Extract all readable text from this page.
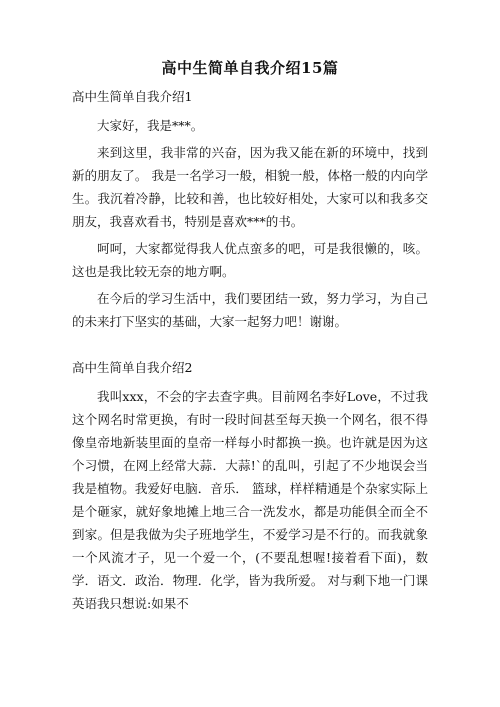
高中生简单自我介绍15篇
高中生简单自我介绍1

大家好，我是***。

来到这里，我非常的兴奋，因为我又能在新的环境中，找到新的朋友了。 我是一名学习一般，相貌一般，体格一般的内向学生。我沉着冷静，比较和善，也比较好相处，大家可以和我多交朋友，我喜欢看书，特别是喜欢***的书。

呵呵，大家都觉得我人优点蛮多的吧，可是我很懒的，咳。这也是我比较无奈的地方啊。

在今后的学习生活中，我们要团结一致，努力学习，为自己的未来打下坚实的基础，大家一起努力吧！谢谢。

高中生简单自我介绍2

我叫xxx，不会的字去查字典。目前网名李好Love，不过我这个网名时常更换，有时一段时间甚至每天换一个网名，很不得像皇帝地新装里面的皇帝一样每小时都换一换。也许就是因为这个习惯，在网上经常大蒜．大蒜!`的乱叫，引起了不少地误会当我是植物。我爱好电脑．音乐． 篮球，样样精通是个杂家实际上是个砸家，就好象地摊上地三合一洗发水，都是功能俱全而全不到家。但是我做为尖子班地学生，不爱学习是不行的。而我就象一个风流才子，见一个爱一个，(不要乱想喔!接着看下面)，数学．语文．政治．物理．化学，皆为我所爱。 对与剩下地一门课英语我只想说:如果不
